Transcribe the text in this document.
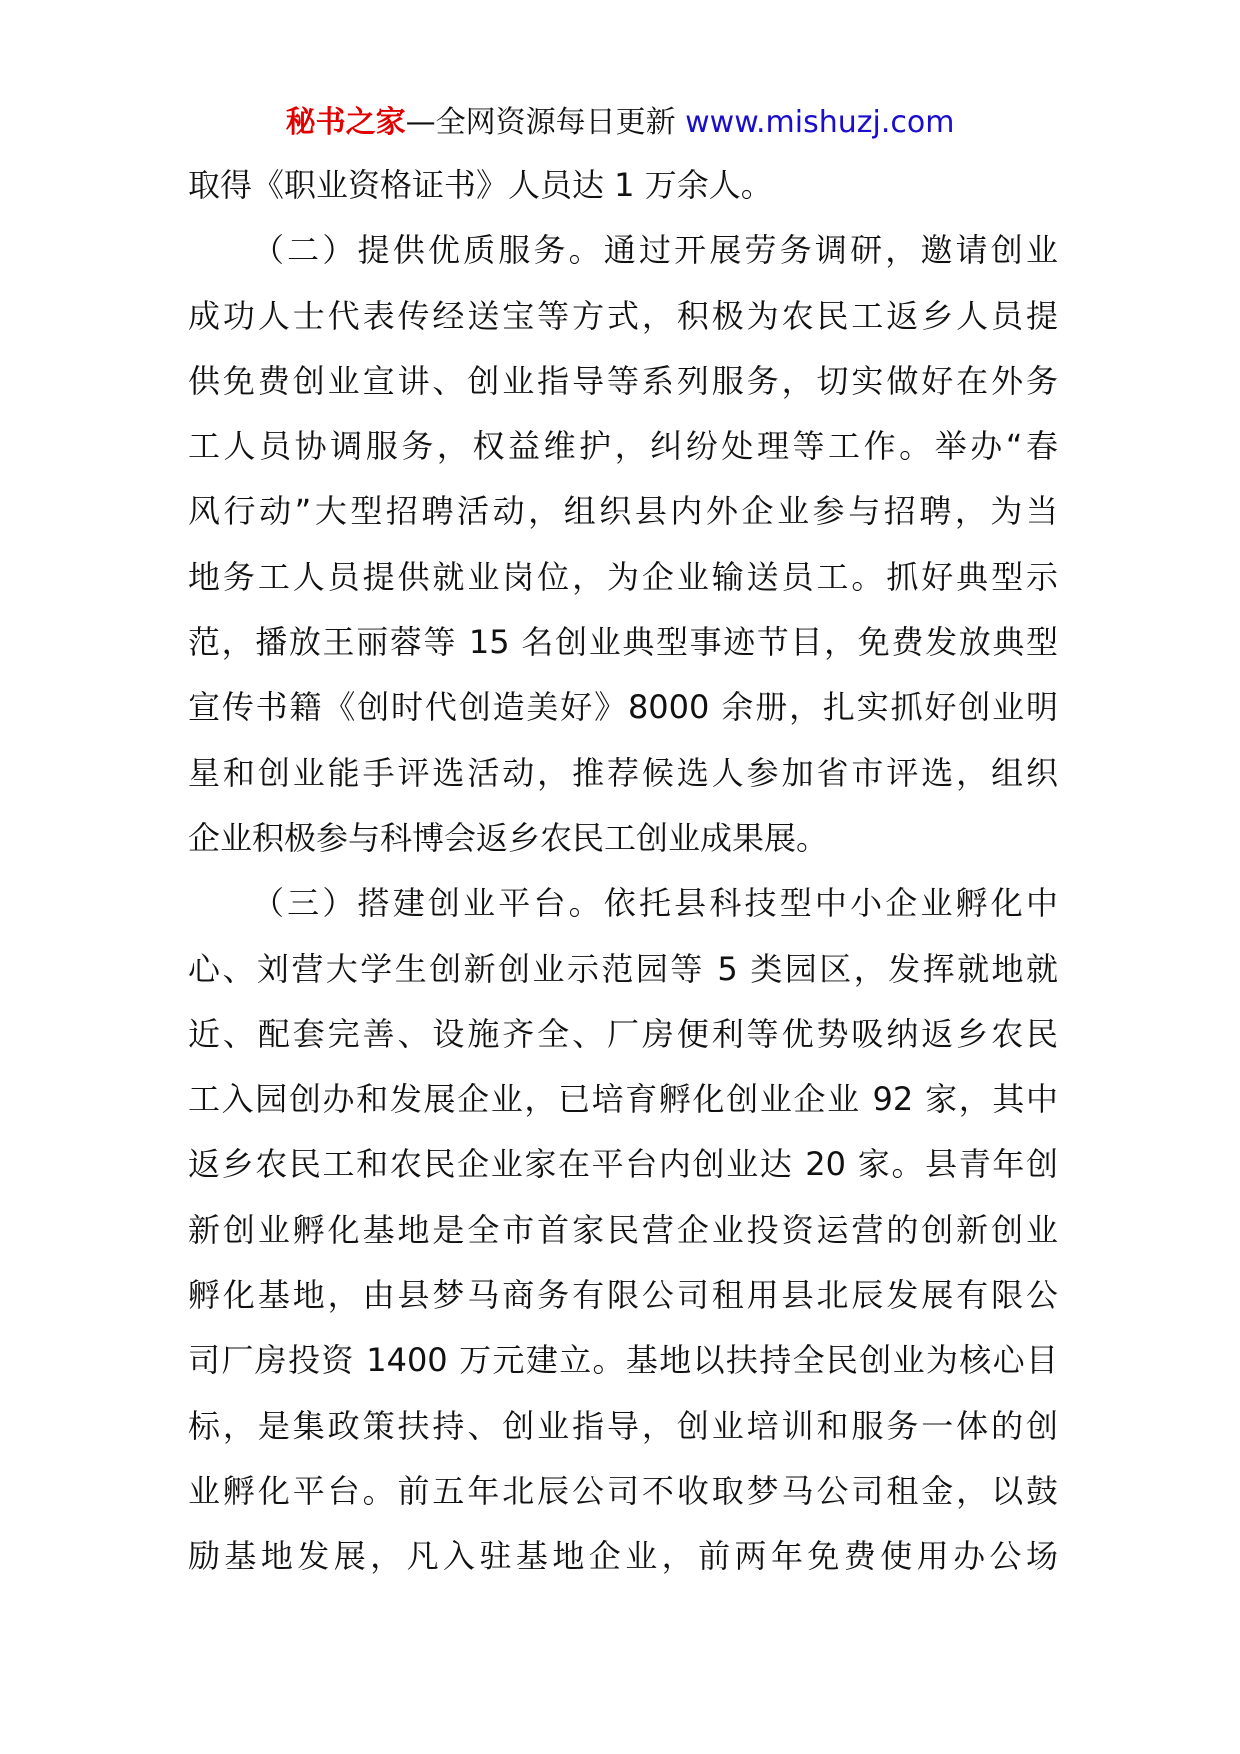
秘书之家—全网资源每日更新 www.mishuzj.com
取得《职业资格证书》人员达 1 万余人。
（二）提供优质服务。通过开展劳务调研，邀请创业
成功人士代表传经送宝等方式，积极为农民工返乡人员提
供免费创业宣讲、创业指导等系列服务，切实做好在外务
工人员协调服务，权益维护，纠纷处理等工作。举办“春
风行动”大型招聘活动，组织县内外企业参与招聘，为当
地务工人员提供就业岗位，为企业输送员工。抓好典型示
范，播放王丽蓉等 15 名创业典型事迹节目，免费发放典型
宣传书籍《创时代创造美好》8000 余册，扎实抓好创业明
星和创业能手评选活动，推荐候选人参加省市评选，组织
企业积极参与科博会返乡农民工创业成果展。
（三）搭建创业平台。依托县科技型中小企业孵化中
心、刘营大学生创新创业示范园等 5 类园区，发挥就地就
近、配套完善、设施齐全、厂房便利等优势吸纳返乡农民
工入园创办和发展企业，已培育孵化创业企业 92 家，其中
返乡农民工和农民企业家在平台内创业达 20 家。县青年创
新创业孵化基地是全市首家民营企业投资运营的创新创业
孵化基地，由县梦马商务有限公司租用县北辰发展有限公
司厂房投资 1400 万元建立。基地以扶持全民创业为核心目
标，是集政策扶持、创业指导，创业培训和服务一体的创
业孵化平台。前五年北辰公司不收取梦马公司租金，以鼓
励基地发展，凡入驻基地企业，前两年免费使用办公场
